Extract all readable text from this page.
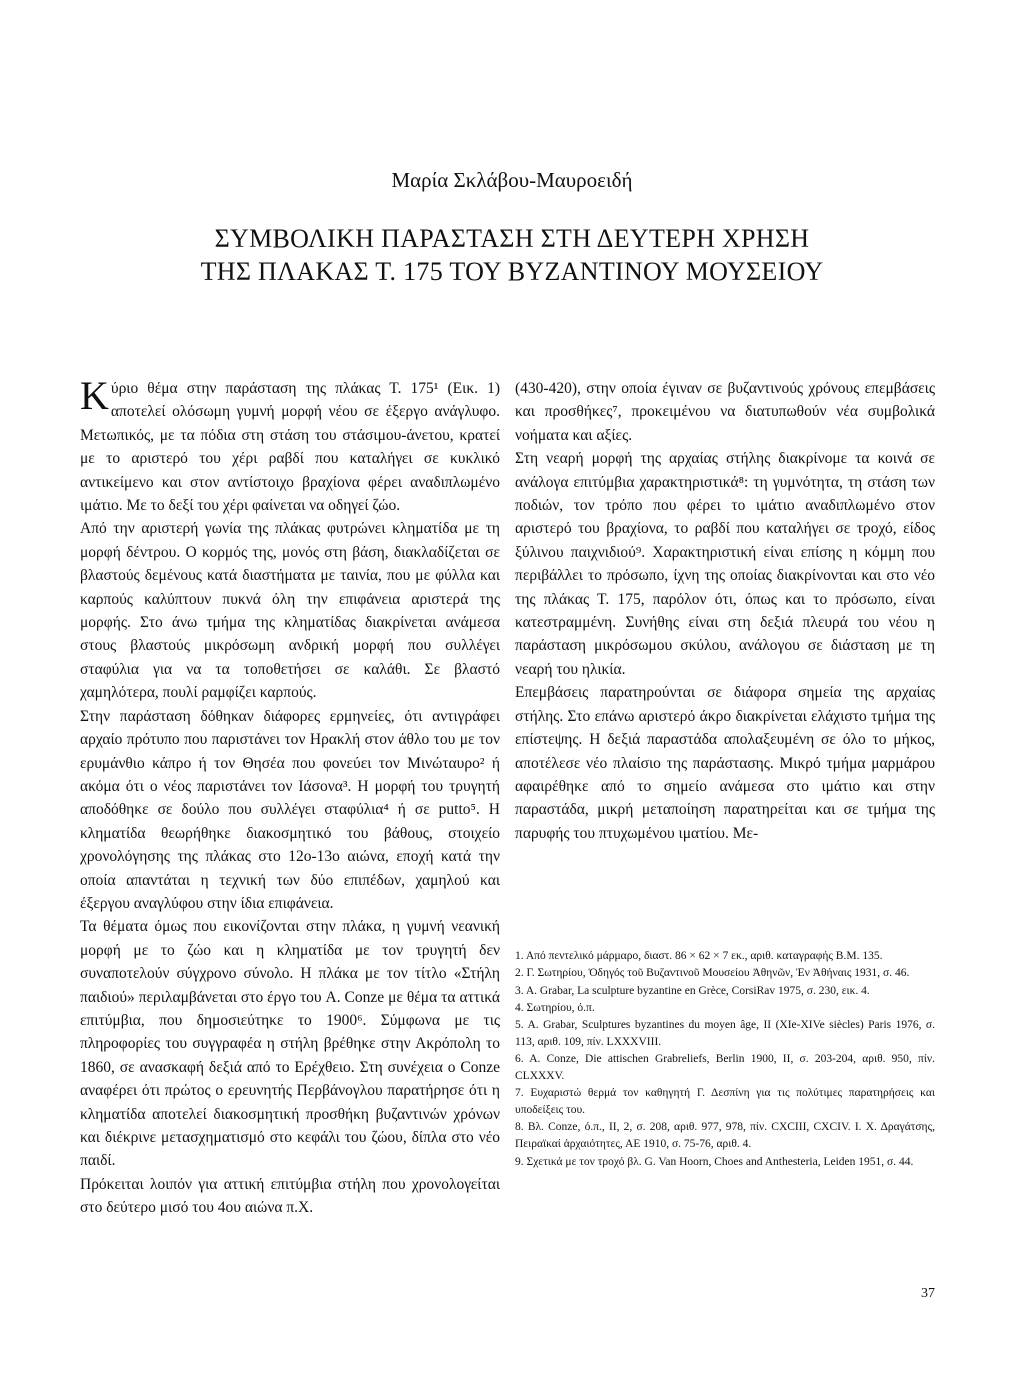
Μαρία Σκλάβου-Μαυροειδή
ΣΥΜΒΟΛΙΚΗ ΠΑΡΑΣΤΑΣΗ ΣΤΗ ΔΕΥΤΕΡΗ ΧΡΗΣΗ
ΤΗΣ ΠΛΑΚΑΣ Τ. 175 ΤΟΥ ΒΥΖΑΝΤΙΝΟΥ ΜΟΥΣΕΙΟΥ

Κύριο θέμα στην παράσταση της πλάκας Τ. 175¹ (Εικ. 1) αποτελεί ολόσωμη γυμνή μορφή νέου σε έξεργο ανάγλυφο. Μετωπικός, με τα πόδια στη στάση του στάσιμου-άνετου, κρατεί με το αριστερό του χέρι ραβδί που καταλήγει σε κυκλικό αντικείμενο και στον αντίστοιχο βραχίονα φέρει αναδιπλωμένο ιμάτιο. Με το δεξί του χέρι φαίνεται να οδηγεί ζώο.

Από την αριστερή γωνία της πλάκας φυτρώνει κληματίδα με τη μορφή δέντρου. Ο κορμός της, μονός στη βάση, διακλαδίζεται σε βλαστούς δεμένους κατά διαστήματα με ταινία, που με φύλλα και καρπούς καλύπτουν πυκνά όλη την επιφάνεια αριστερά της μορφής. Στο άνω τμήμα της κληματίδας διακρίνεται ανάμεσα στους βλαστούς μικρόσωμη ανδρική μορφή που συλλέγει σταφύλια για να τα τοποθετήσει σε καλάθι. Σε βλαστό χαμηλότερα, πουλί ραμφίζει καρπούς.

Στην παράσταση δόθηκαν διάφορες ερμηνείες, ότι αντιγράφει αρχαίο πρότυπο που παριστάνει τον Ηρακλή στον άθλο του με τον ερυμάνθιο κάπρο ή τον Θησέα που φονεύει τον Μινώταυρο² ή ακόμα ότι ο νέος παριστάνει τον Ιάσονα³. Η μορφή του τρυγητή αποδόθηκε σε δούλο που συλλέγει σταφύλια⁴ ή σε putto⁵. Η κληματίδα θεωρήθηκε διακοσμητικό του βάθους, στοιχείο χρονολόγησης της πλάκας στο 12ο-13ο αιώνα, εποχή κατά την οποία απαντάται η τεχνική των δύο επιπέδων, χαμηλού και έξεργου αναγλύφου στην ίδια επιφάνεια.

Τα θέματα όμως που εικονίζονται στην πλάκα, η γυμνή νεανική μορφή με το ζώο και η κληματίδα με τον τρυγητή δεν συναποτελούν σύγχρονο σύνολο. Η πλάκα με τον τίτλο «Στήλη παιδιού» περιλαμβάνεται στο έργο του A. Conze με θέμα τα αττικά επιτύμβια, που δημοσιεύτηκε το 1900⁶. Σύμφωνα με τις πληροφορίες του συγγραφέα η στήλη βρέθηκε στην Ακρόπολη το 1860, σε ανασκαφή δεξιά από το Ερέχθειο. Στη συνέχεια ο Conze αναφέρει ότι πρώτος ο ερευνητής Περβάνογλου παρατήρησε ότι η κληματίδα αποτελεί διακοσμητική προσθήκη βυζαντινών χρόνων και διέκρινε μετασχηματισμό στο κεφάλι του ζώου, δίπλα στο νέο παιδί.

Πρόκειται λοιπόν για αττική επιτύμβια στήλη που χρονολογείται στο δεύτερο μισό του 4ου αιώνα π.Χ.

(430-420), στην οποία έγιναν σε βυζαντινούς χρόνους επεμβάσεις και προσθήκες⁷, προκειμένου να διατυπωθούν νέα συμβολικά νοήματα και αξίες.

Στη νεαρή μορφή της αρχαίας στήλης διακρίνομε τα κοινά σε ανάλογα επιτύμβια χαρακτηριστικά⁸: τη γυμνότητα, τη στάση των ποδιών, τον τρόπο που φέρει το ιμάτιο αναδιπλωμένο στον αριστερό του βραχίονα, το ραβδί που καταλήγει σε τροχό, είδος ξύλινου παιχνιδιού⁹. Χαρακτηριστική είναι επίσης η κόμμη που περιβάλλει το πρόσωπο, ίχνη της οποίας διακρίνονται και στο νέο της πλάκας Τ. 175, παρόλον ότι, όπως και το πρόσωπο, είναι κατεστραμμένη. Συνήθης είναι στη δεξιά πλευρά του νέου η παράσταση μικρόσωμου σκύλου, ανάλογου σε διάσταση με τη νεαρή του ηλικία.

Επεμβάσεις παρατηρούνται σε διάφορα σημεία της αρχαίας στήλης. Στο επάνω αριστερό άκρο διακρίνεται ελάχιστο τμήμα της επίστεψης. Η δεξιά παραστάδα απολαξευμένη σε όλο το μήκος, αποτέλεσε νέο πλαίσιο της παράστασης. Μικρό τμήμα μαρμάρου αφαιρέθηκε από το σημείο ανάμεσα στο ιμάτιο και στην παραστάδα, μικρή μεταποίηση παρατηρείται και σε τμήμα της παρυφής του πτυχωμένου ιματίου. Με-

1. Από πεντελικό μάρμαρο, διαστ. 86 × 62 × 7 εκ., αριθ. καταγραφής Β.Μ. 135.

2. Γ. Σωτηρίου, Ὁδηγός τοῦ Βυζαντινοῦ Μουσείου Ἀθηνῶν, Ἐν Ἀθήναις 1931, σ. 46.

3. A. Grabar, La sculpture byzantine en Grèce, CorsiRav 1975, σ. 230, εικ. 4.

4. Σωτηρίου, ό.π.

5. A. Grabar, Sculptures byzantines du moyen âge, II (XIe-XIVe siècles) Paris 1976, σ. 113, αριθ. 109, πίν. LXXXVIII.

6. A. Conze, Die attischen Grabreliefs, Berlin 1900, II, σ. 203-204, αριθ. 950, πίν. CLXXXV.

7. Ευχαριστώ θερμά τον καθηγητή Γ. Δεσπίνη για τις πολύτιμες παρατηρήσεις και υποδείξεις του.

8. Βλ. Conze, ό.π., II, 2, σ. 208, αριθ. 977, 978, πίν. CXCIII, CXCIV. Ι. Χ. Δραγάτσης, Πειραϊκαί ἀρχαιότητες, ΑΕ 1910, σ. 75-76, αριθ. 4.

9. Σχετικά με τον τροχό βλ. G. Van Hoorn, Choes and Anthesteria, Leiden 1951, σ. 44.

37
